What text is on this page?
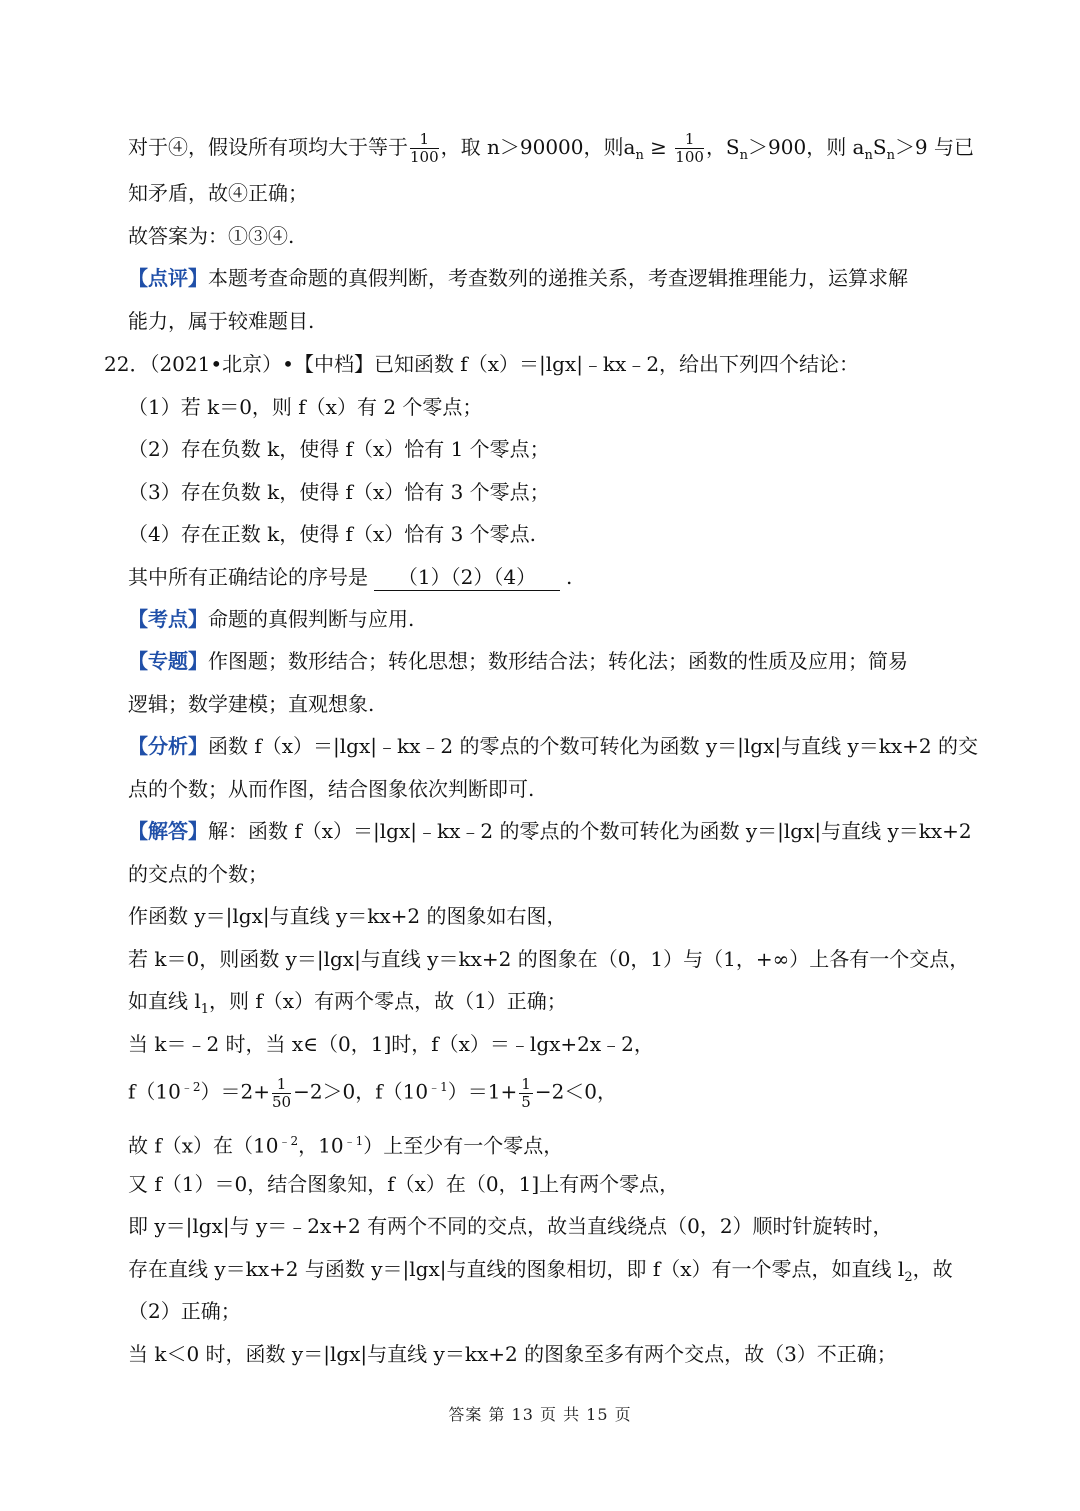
对于④，假设所有项均大于等于 $\frac{1}{100}$ ，取 n＞90000，则$a_n \ge \frac{1}{100}$ ，$S_n>900$，则 $a_nS_n>9$ 与已
知矛盾，故④正确；
故答案为：①③④.
【点评】本题考查命题的真假判断，考查数列的递推关系，考查逻辑推理能力，运算求解
能力，属于较难题目.
22．（2021•北京）•【中档】已知函数 f（x）＝|lgx|﹣kx﹣2，给出下列四个结论：
（1）若 k＝0，则 f（x）有 2 个零点；
（2）存在负数 k，使得 f（x）恰有 1 个零点；
（3）存在负数 k，使得 f（x）恰有 3 个零点；
（4）存在正数 k，使得 f（x）恰有 3 个零点.
其中所有正确结论的序号是 （1）（2）（4） .
【考点】命题的真假判断与应用.
【专题】作图题；数形结合；转化思想；数形结合法；转化法；函数的性质及应用；简易
逻辑；数学建模；直观想象.
【分析】函数 f（x）＝|lgx|﹣kx﹣2 的零点的个数可转化为函数 y＝|lgx|与直线 y＝kx+2 的交
点的个数；从而作图，结合图象依次判断即可.
【解答】解：函数 f（x）＝|lgx|﹣kx﹣2 的零点的个数可转化为函数 y＝|lgx|与直线 y＝kx+2
的交点的个数；
作函数 y＝|lgx|与直线 y＝kx+2 的图象如右图，
若 k＝0，则函数 y＝|lgx|与直线 y＝kx+2 的图象在（0，1）与（1，+∞）上各有一个交点，
如直线 $l_1$，则 f（x）有两个零点，故（1）正确；
当 k＝﹣2 时，当 x∈（0，1]时，f（x）＝﹣lgx+2x﹣2，
$f(10^{﹣2})=2+ \frac{1}{50} -2>0$，$f(10^{﹣1})=1+ \frac{1}{5} -2<0$，
故 f（x）在（$10^{﹣2}$，$10^{﹣1}$）上至少有一个零点，
又 f（1）＝0，结合图象知，f（x）在（0，1]上有两个零点，
即 y＝|lgx|与 y＝﹣2x+2 有两个不同的交点，故当直线绕点（0，2）顺时针旋转时，
存在直线 y＝kx+2 与函数 y＝|lgx|与直线的图象相切，即 f（x）有一个零点，如直线 $l_2$，故
（2）正确；
当 k＜0 时，函数 y＝|lgx|与直线 y＝kx+2 的图象至多有两个交点，故（3）不正确；
答案 第 13 页 共 15 页
